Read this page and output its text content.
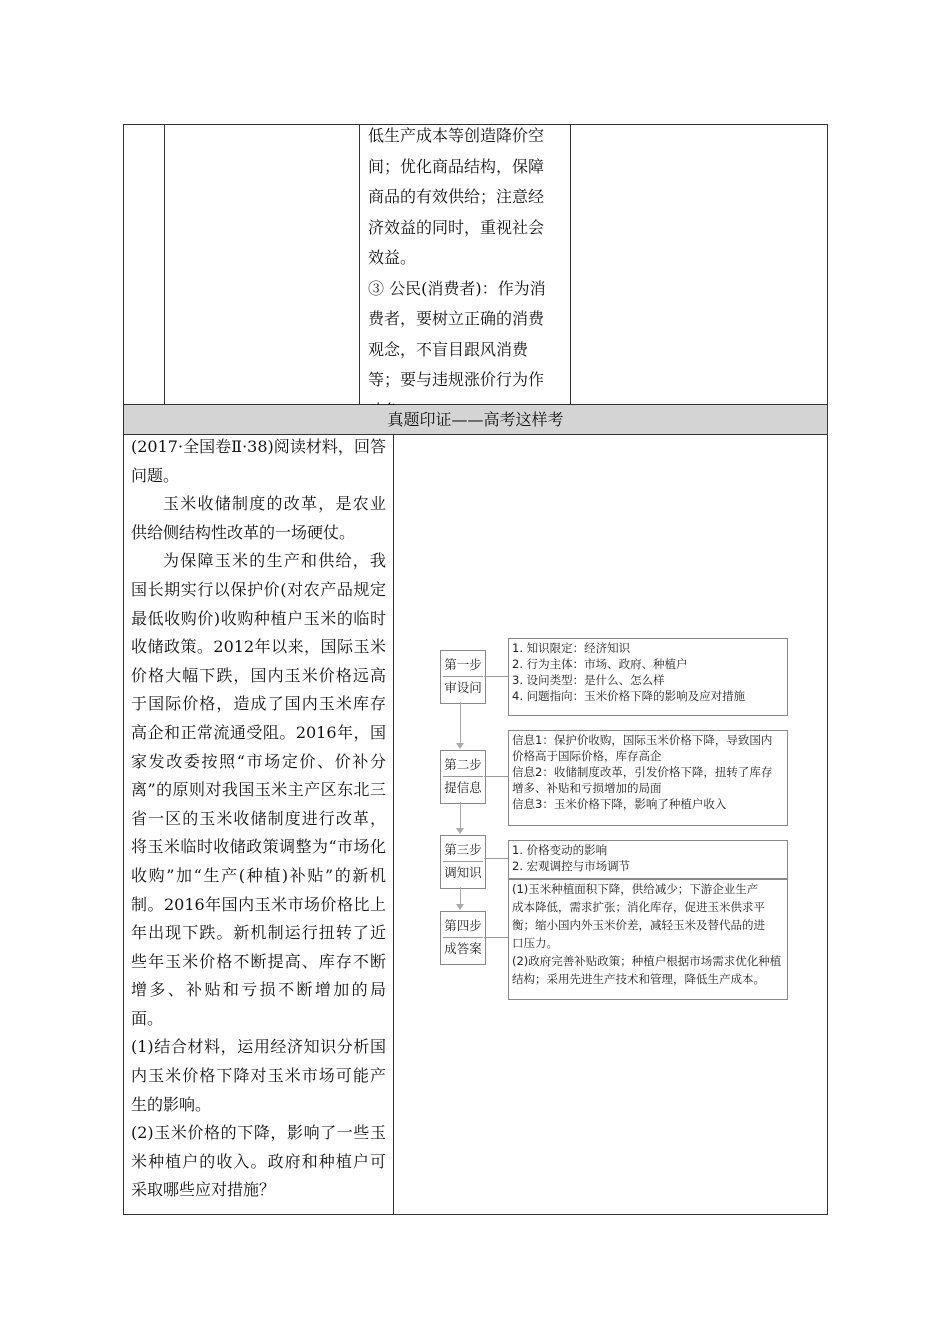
低生产成本等创造降价空

间；优化商品结构，保障

商品的有效供给；注意经

济效益的同时，重视社会

效益。

③ 公民(消费者)：作为消

费者，要树立正确的消费

观念，不盲目跟风消费

等；要与违规涨价行为作

真题印证——高考这样考

(2017·全国卷Ⅱ·38)阅读材料，回答问题。

玉米收储制度的改革，是农业供给侧结构性改革的一场硬仗。

为保障玉米的生产和供给，我国长期实行以保护价(对农产品规定最低收购价)收购种植户玉米的临时收储政策。2012年以来，国际玉米价格大幅下跌，国内玉米价格远高于国际价格，造成了国内玉米库存高企和正常流通受阻。2016年，国家发改委按照“市场定价、价补分离”的原则对我国玉米主产区东北三省一区的玉米收储制度进行改革，将玉米临时收储政策调整为“市场化收购”加“生产(种植)补贴”的新机制。2016年国内玉米市场价格比上年出现下跌。新机制运行扭转了近些年玉米价格不断提高、库存不断增多、补贴和亏损不断增加的局面。

(1)结合材料，运用经济知识分析国内玉米价格下降对玉米市场可能产生的影响。

(2)玉米价格的下降，影响了一些玉米种植户的收入。政府和种植户可采取哪些应对措施？

第一步
审设问
1. 知识限定：经济知识
2. 行为主体：市场、政府、种植户
3. 设问类型：是什么、怎么样
4. 问题指向：玉米价格下降的影响及应对措施
第二步
提信息
信息1：保护价收购，国际玉米价格下降，导致国内
价格高于国际价格，库存高企
信息2：收储制度改革，引发价格下降，扭转了库存
增多、补贴和亏损增加的局面
信息3：玉米价格下降，影响了种植户收入
第三步
调知识
1. 价格变动的影响
2. 宏观调控与市场调节
第四步
成答案
(1)玉米种植面积下降，供给减少；下游企业生产
成本降低，需求扩张；消化库存，促进玉米供求平
衡；缩小国内外玉米价差，减轻玉米及替代品的进
口压力。
(2)政府完善补贴政策；种植户根据市场需求优化种植
结构；采用先进生产技术和管理，降低生产成本。
